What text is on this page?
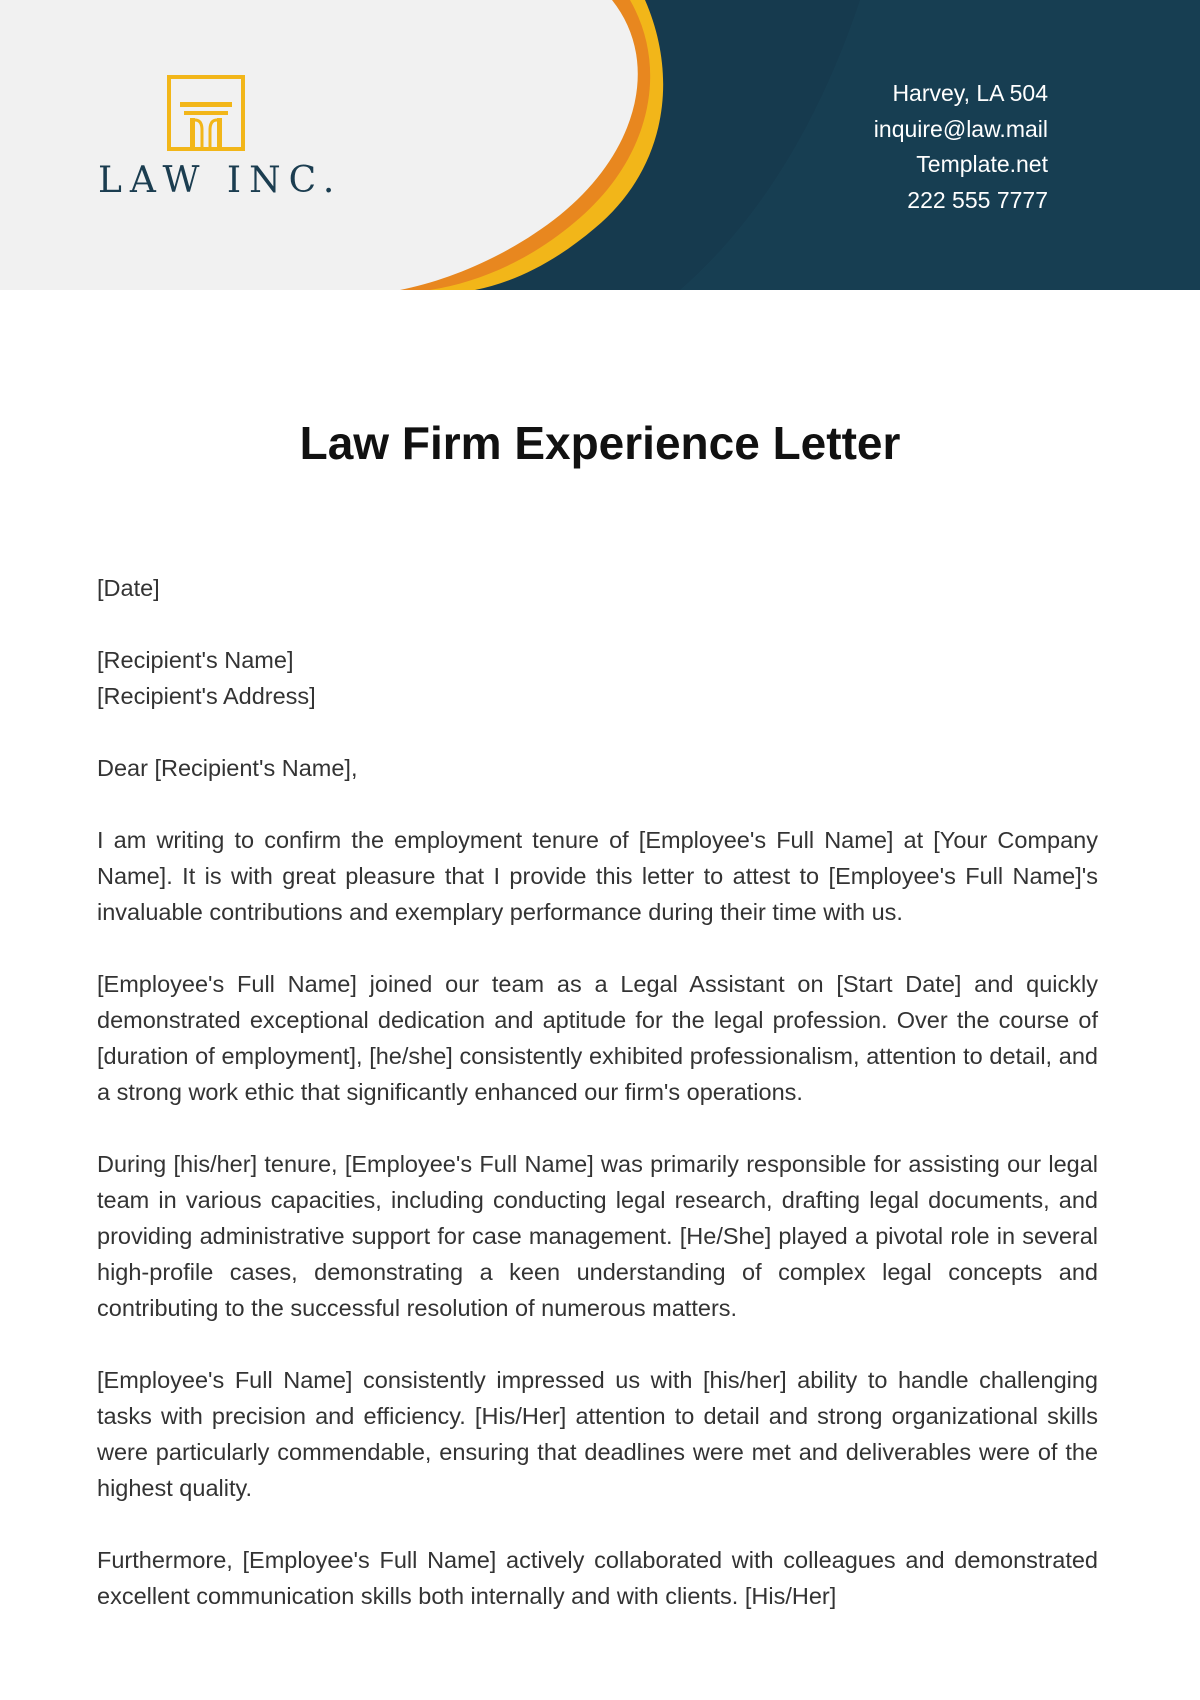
LAW INC.
Harvey, LA 504
inquire@law.mail
Template.net
222 555 7777
Law Firm Experience Letter

[Date]

[Recipient's Name]
[Recipient's Address]

Dear [Recipient's Name],

I am writing to confirm the employment tenure of [Employee's Full Name] at [Your Company Name]. It is with great pleasure that I provide this letter to attest to [Employee's Full Name]'s invaluable contributions and exemplary performance during their time with us.

[Employee's Full Name] joined our team as a Legal Assistant on [Start Date] and quickly demonstrated exceptional dedication and aptitude for the legal profession. Over the course of [duration of employment], [he/she] consistently exhibited professionalism, attention to detail, and a strong work ethic that significantly enhanced our firm's operations.

During [his/her] tenure, [Employee's Full Name] was primarily responsible for assisting our legal team in various capacities, including conducting legal research, drafting legal documents, and providing administrative support for case management. [He/She] played a pivotal role in several high-profile cases, demonstrating a keen understanding of complex legal concepts and contributing to the successful resolution of numerous matters.

[Employee's Full Name] consistently impressed us with [his/her] ability to handle challenging tasks with precision and efficiency. [His/Her] attention to detail and strong organizational skills were particularly commendable, ensuring that deadlines were met and deliverables were of the highest quality.

Furthermore, [Employee's Full Name] actively collaborated with colleagues and demonstrated excellent communication skills both internally and with clients. [His/Her]
